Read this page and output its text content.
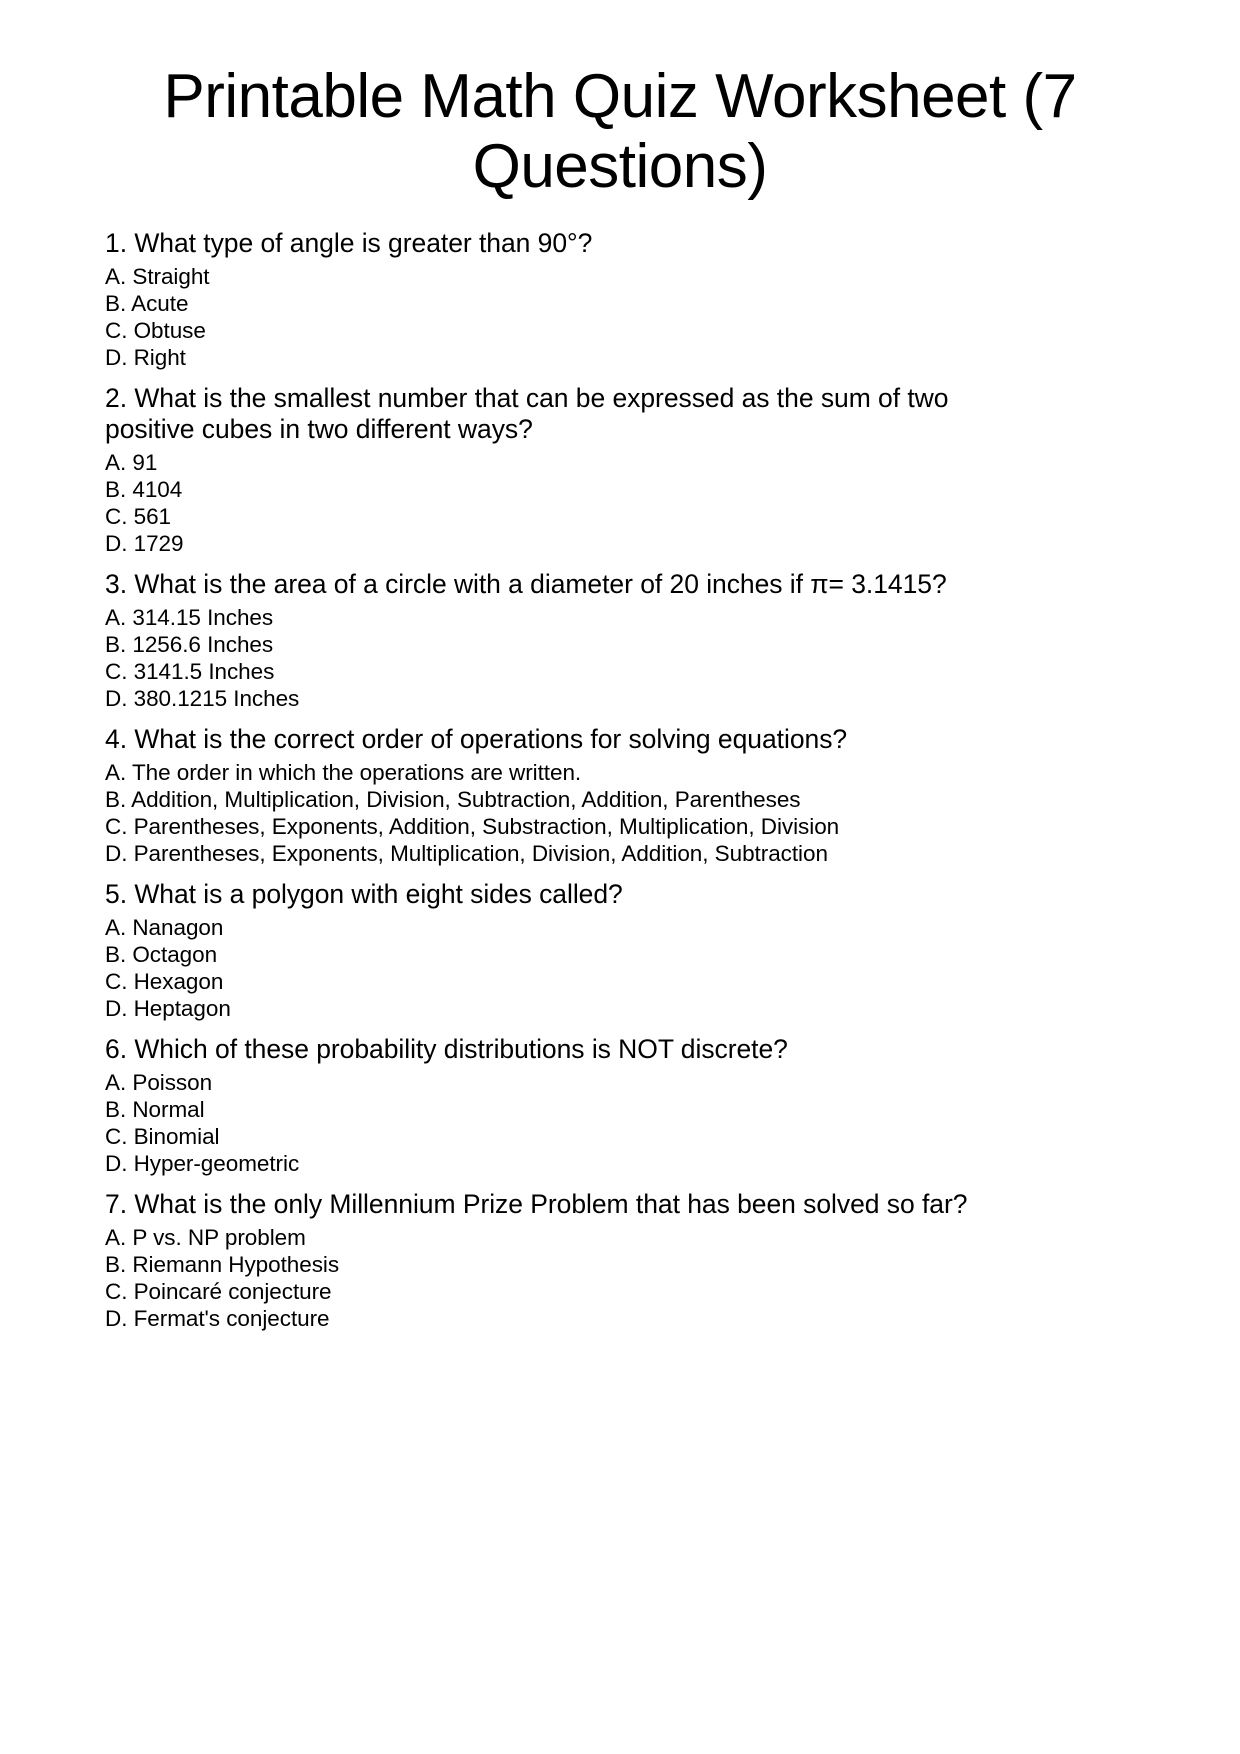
Printable Math Quiz Worksheet (7 Questions)

1. What type of angle is greater than 90°?

A. Straight
B. Acute
C. Obtuse
D. Right

2. What is the smallest number that can be expressed as the sum of two positive cubes in two different ways?

A. 91
B. 4104
C. 561
D. 1729

3. What is the area of a circle with a diameter of 20 inches if π= 3.1415?

A. 314.15 Inches
B. 1256.6 Inches
C. 3141.5 Inches
D. 380.1215 Inches

4. What is the correct order of operations for solving equations?

A. The order in which the operations are written.
B. Addition, Multiplication, Division, Subtraction, Addition, Parentheses
C. Parentheses, Exponents, Addition, Substraction, Multiplication, Division
D. Parentheses, Exponents, Multiplication, Division, Addition, Subtraction

5. What is a polygon with eight sides called?

A. Nanagon
B. Octagon
C. Hexagon
D. Heptagon

6. Which of these probability distributions is NOT discrete?

A. Poisson
B. Normal
C. Binomial
D. Hyper-geometric

7. What is the only Millennium Prize Problem that has been solved so far?

A. P vs. NP problem
B. Riemann Hypothesis
C. Poincaré conjecture
D. Fermat's conjecture
